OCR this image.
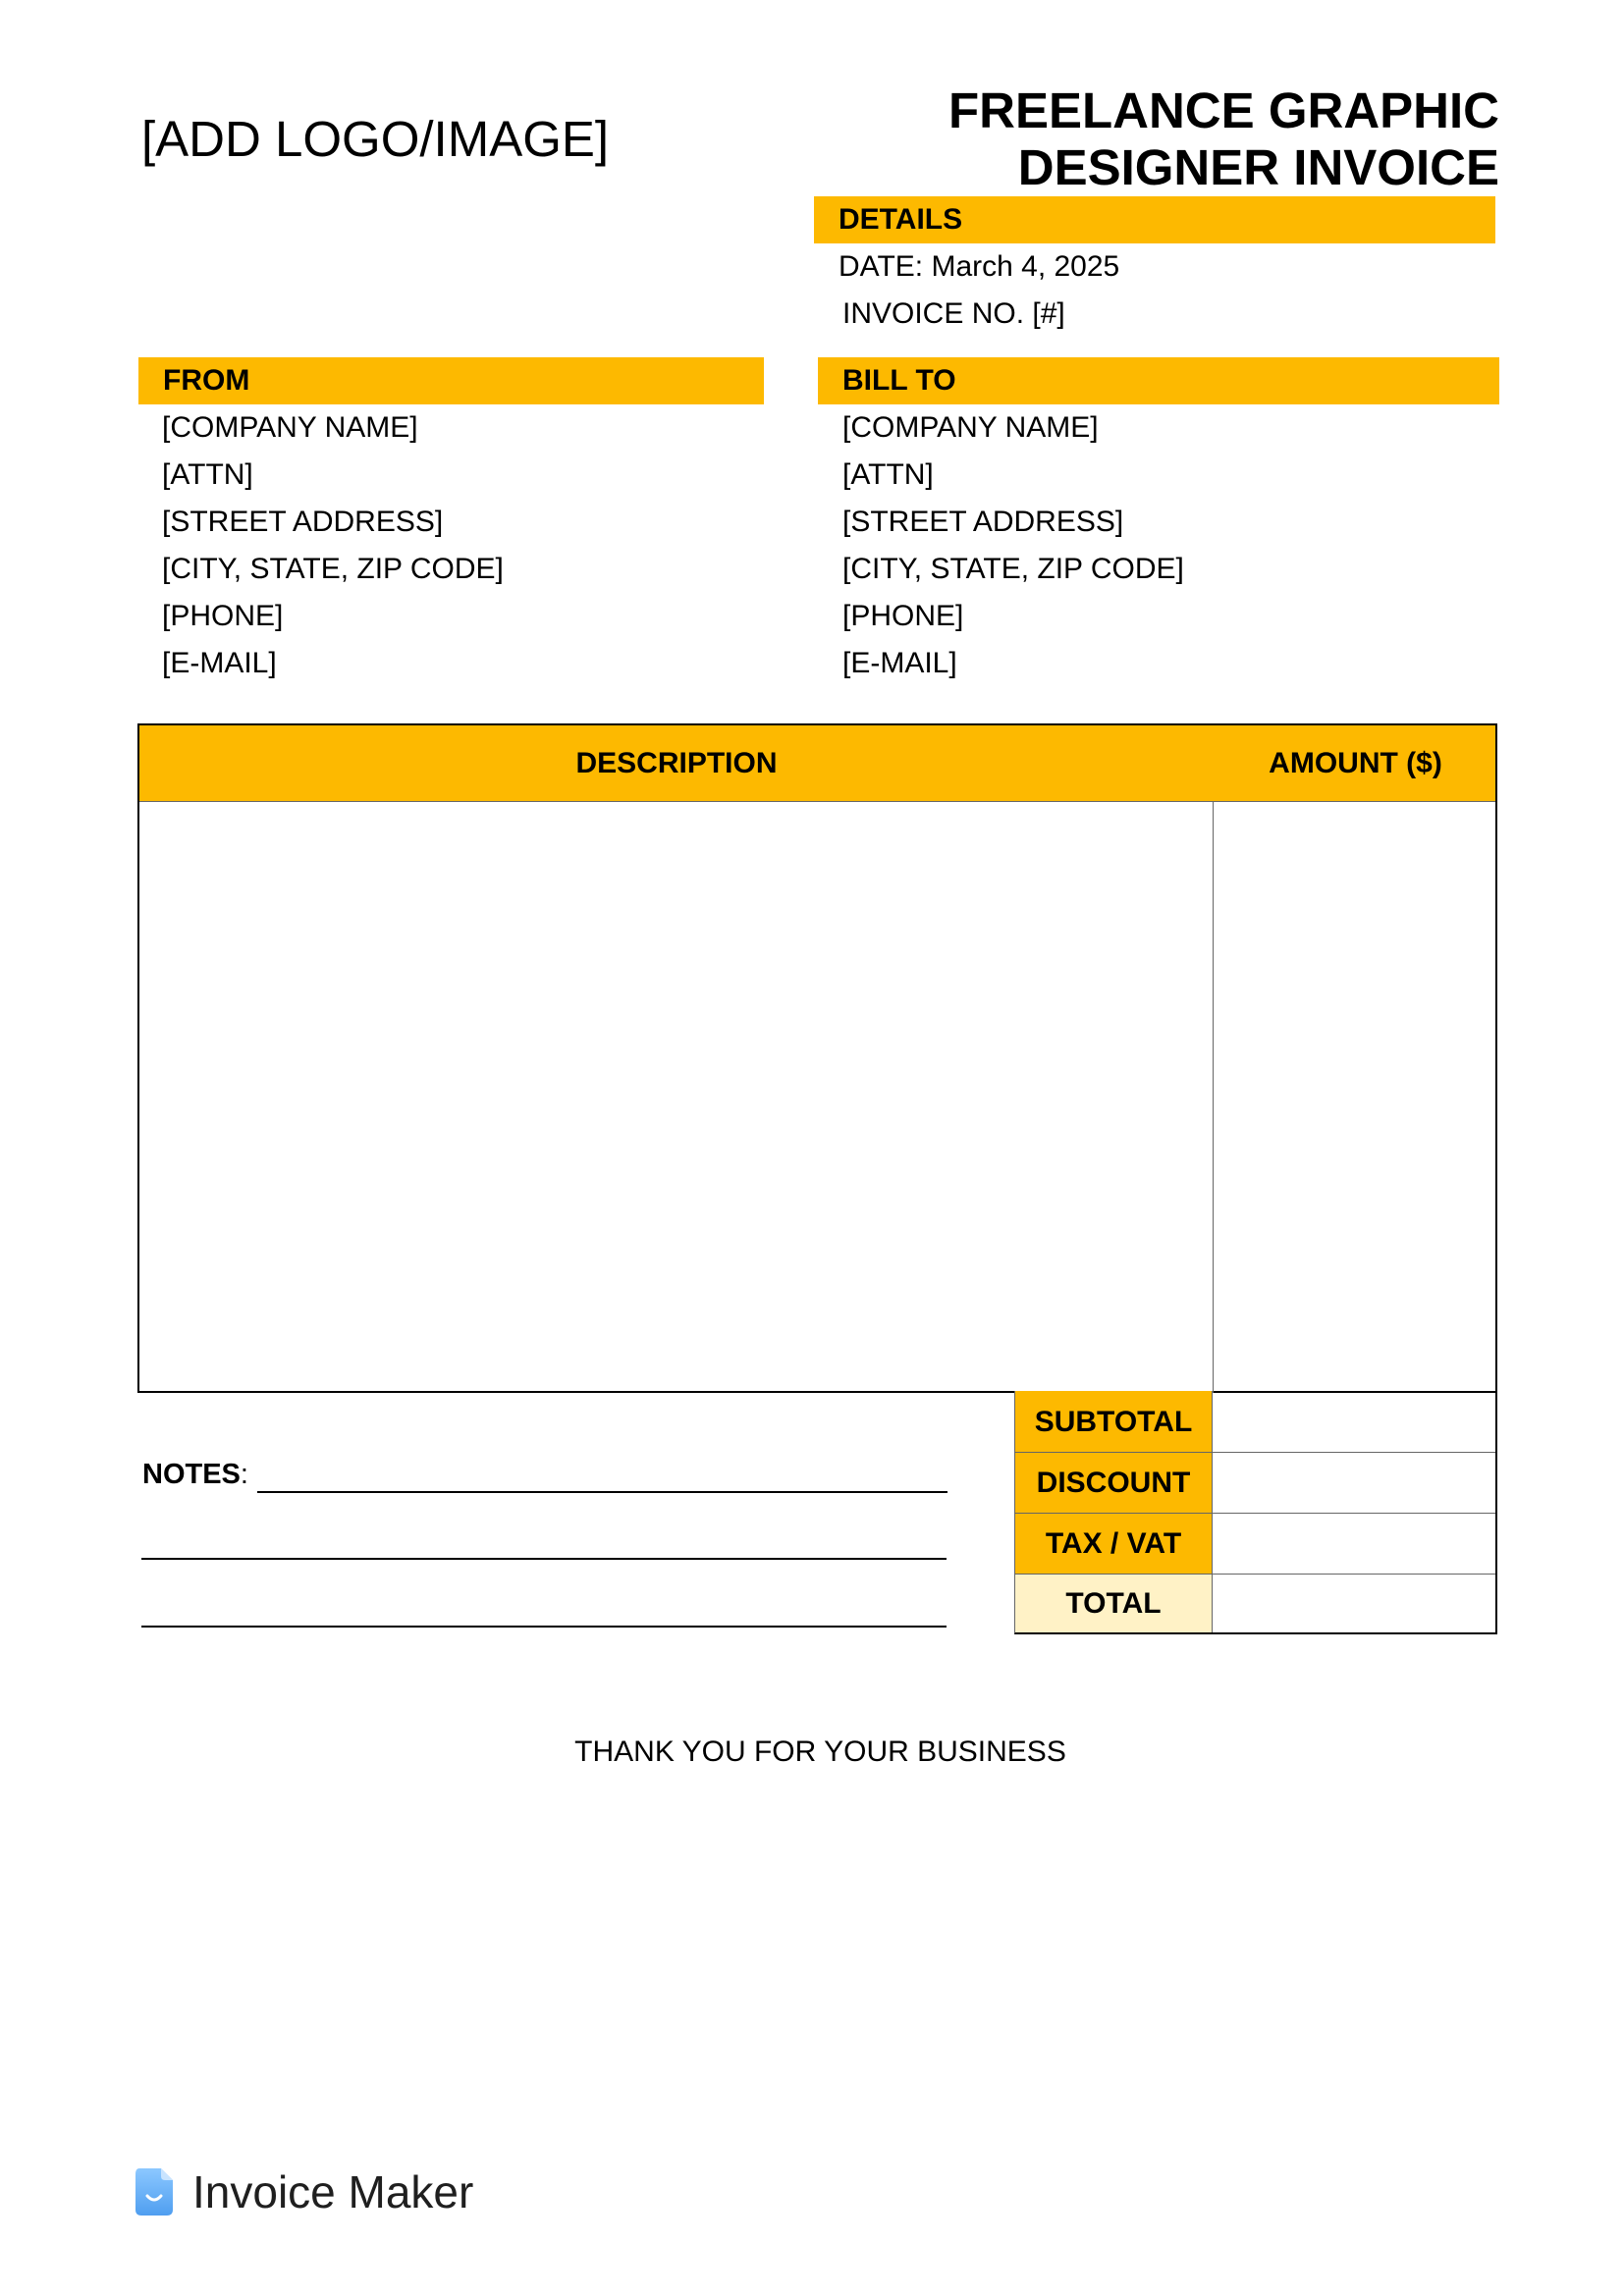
[ADD LOGO/IMAGE]
FREELANCE GRAPHIC
DESIGNER INVOICE
DETAILS
DATE: March 4, 2025
INVOICE NO. [#]
FROM
[COMPANY NAME]
[ATTN]
[STREET ADDRESS]
[CITY, STATE, ZIP CODE]
[PHONE]
[E-MAIL]
BILL TO
[COMPANY NAME]
[ATTN]
[STREET ADDRESS]
[CITY, STATE, ZIP CODE]
[PHONE]
[E-MAIL]
DESCRIPTION	AMOUNT ($)
SUBTOTAL
DISCOUNT
TAX / VAT
TOTAL
NOTES:
THANK YOU FOR YOUR BUSINESS
Invoice Maker
